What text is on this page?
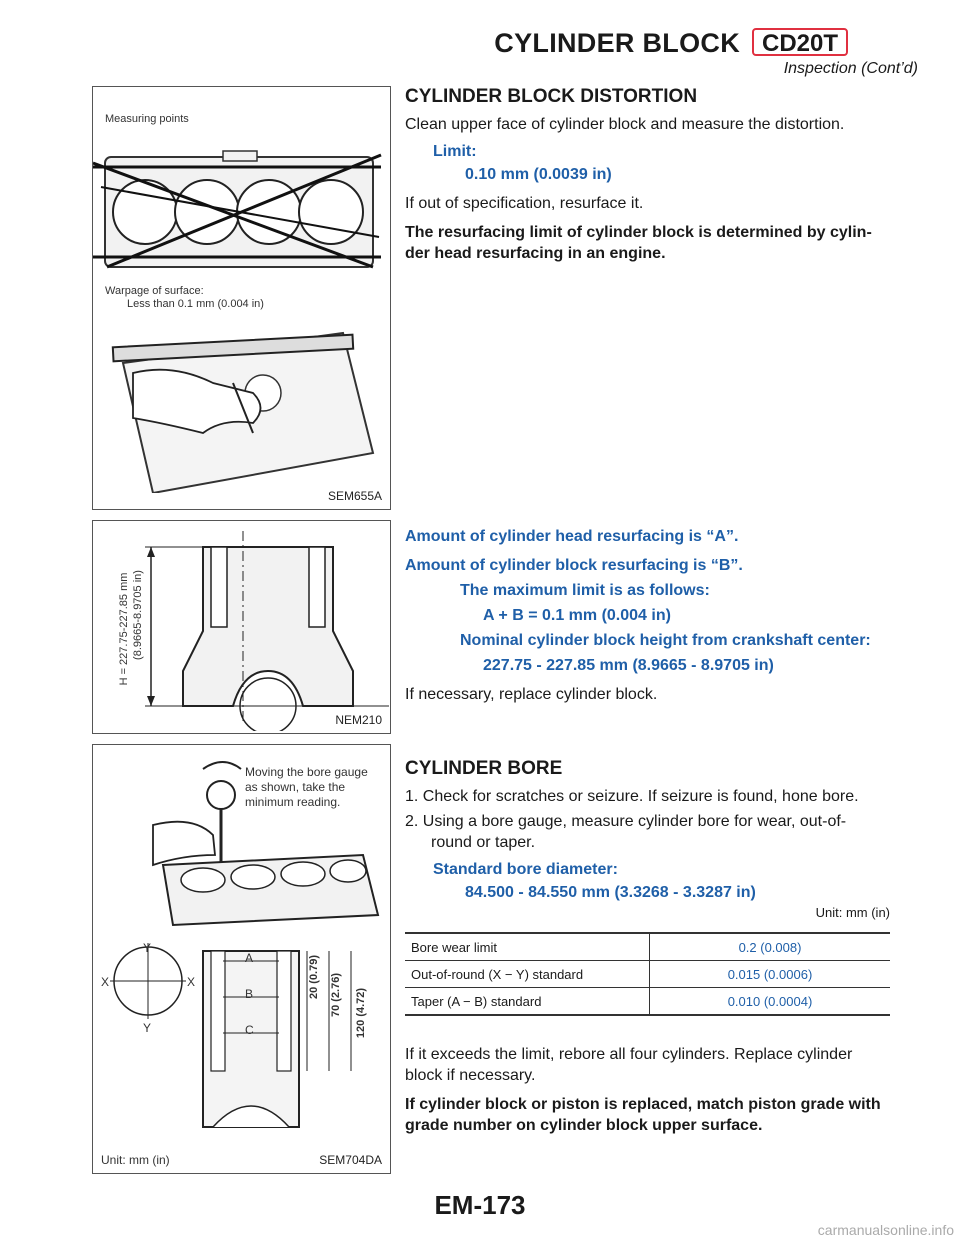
CYLINDER BLOCK CD20T
Inspection (Cont’d)
Measuring points
Warpage of surface:
Less than 0.1 mm (0.004 in)
SEM655A
H = 227.75-227.85 mm (8.9665-8.9705 in)
NEM210
Moving the bore gauge
as shown, take the
minimum reading.
Y
Y
X	X
A
B
C
20 (0.79) 70 (2.76) 120 (4.72)
Unit: mm (in)	SEM704DA
CYLINDER BLOCK DISTORTION

Clean upper face of cylinder block and measure the distortion.

Limit:
0.10 mm (0.0039 in)

If out of specification, resurface it.

The resurfacing limit of cylinder block is determined by cylin-

der head resurfacing in an engine.

Amount of cylinder head resurfacing is “A”.
Amount of cylinder block resurfacing is “B”.
The maximum limit is as follows:
A + B = 0.1 mm (0.004 in)
Nominal cylinder block height from crankshaft center:
227.75 - 227.85 mm (8.9665 - 8.9705 in)

If necessary, replace cylinder block.

CYLINDER BORE

1. Check for scratches or seizure. If seizure is found, hone bore.

2. Using a bore gauge, measure cylinder bore for wear, out-of-

round or taper.

Standard bore diameter:
84.500 - 84.550 mm (3.3268 - 3.3287 in)
Unit: mm (in)
Bore wear limit	0.2 (0.008)
Out-of-round (X − Y) standard	0.015 (0.0006)
Taper (A − B) standard	0.010 (0.0004)

If it exceeds the limit, rebore all four cylinders. Replace cylinder

block if necessary.

If cylinder block or piston is replaced, match piston grade with

grade number on cylinder block upper surface.

EM-173
carmanualsonline.info
